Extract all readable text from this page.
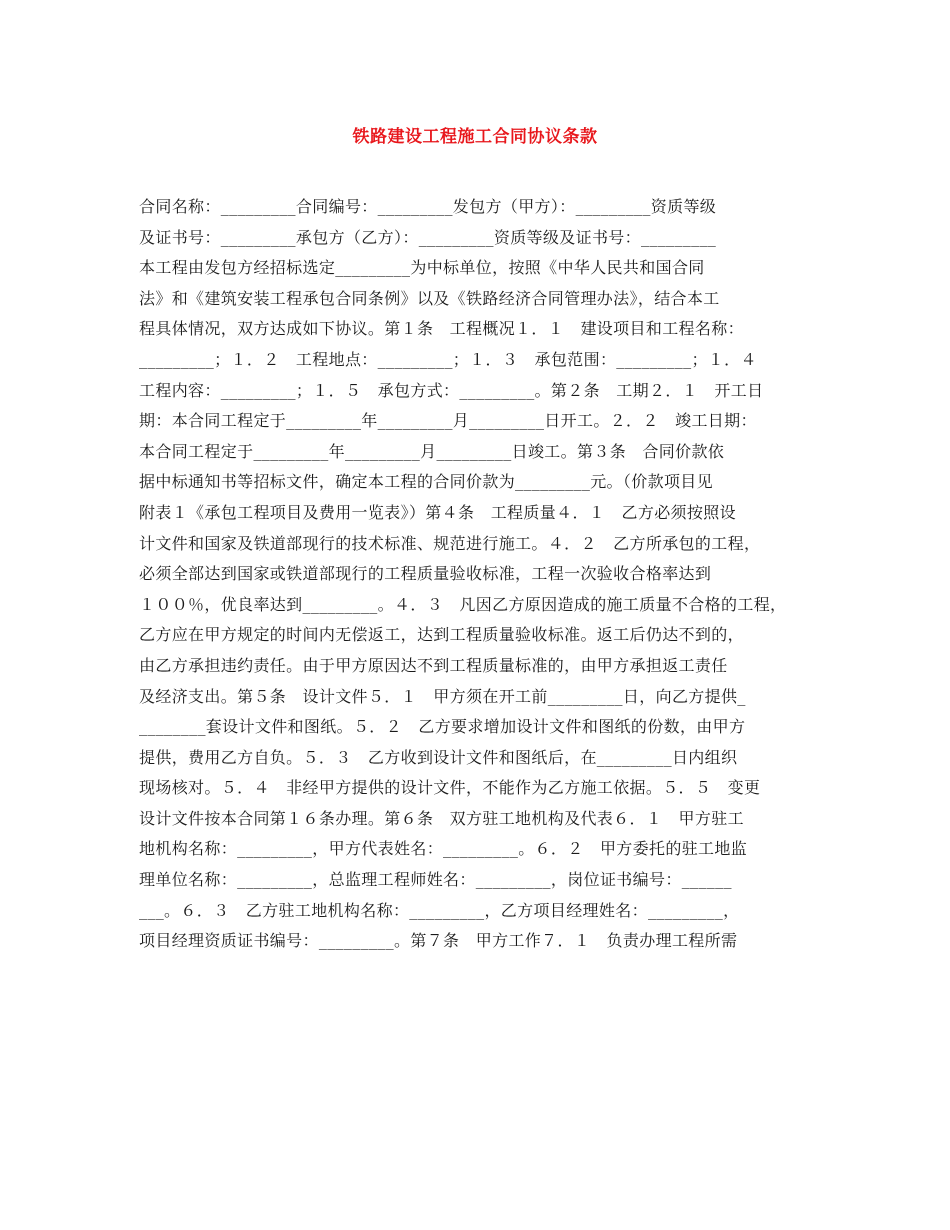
铁路建设工程施工合同协议条款
合同名称：_________合同编号：_________发包方（甲方）：_________资质等级
及证书号：_________承包方（乙方）：_________资质等级及证书号：_________
本工程由发包方经招标选定_________为中标单位，按照《中华人民共和国合同
法》和《建筑安装工程承包合同条例》以及《铁路经济合同管理办法》，结合本工
程具体情况，双方达成如下协议。第１条　工程概况１．１　建设项目和工程名称：
_________；１．２　工程地点：_________；１．３　承包范围：_________；１．４
工程内容：_________；１．５　承包方式：_________。第２条　工期２．１　开工日
期：本合同工程定于_________年_________月_________日开工。２．２　竣工日期：
本合同工程定于_________年_________月_________日竣工。第３条　合同价款依
据中标通知书等招标文件，确定本工程的合同价款为_________元。（价款项目见
附表１《承包工程项目及费用一览表》）第４条　工程质量４．１　乙方必须按照设
计文件和国家及铁道部现行的技术标准、规范进行施工。４．２　乙方所承包的工程，
必须全部达到国家或铁道部现行的工程质量验收标准，工程一次验收合格率达到
１００％，优良率达到_________。４．３　凡因乙方原因造成的施工质量不合格的工程，
乙方应在甲方规定的时间内无偿返工，达到工程质量验收标准。返工后仍达不到的，
由乙方承担违约责任。由于甲方原因达不到工程质量标准的，由甲方承担返工责任
及经济支出。第５条　设计文件５．１　甲方须在开工前_________日，向乙方提供_
________套设计文件和图纸。５．２　乙方要求增加设计文件和图纸的份数，由甲方
提供，费用乙方自负。５．３　乙方收到设计文件和图纸后，在_________日内组织
现场核对。５．４　非经甲方提供的设计文件，不能作为乙方施工依据。５．５　变更
设计文件按本合同第１６条办理。第６条　双方驻工地机构及代表６．１　甲方驻工
地机构名称：_________，甲方代表姓名：_________。６．２　甲方委托的驻工地监
理单位名称：_________，总监理工程师姓名：_________，岗位证书编号：______
___。６．３　乙方驻工地机构名称：_________，乙方项目经理姓名：_________，
项目经理资质证书编号：_________。第７条　甲方工作７．１　负责办理工程所需
